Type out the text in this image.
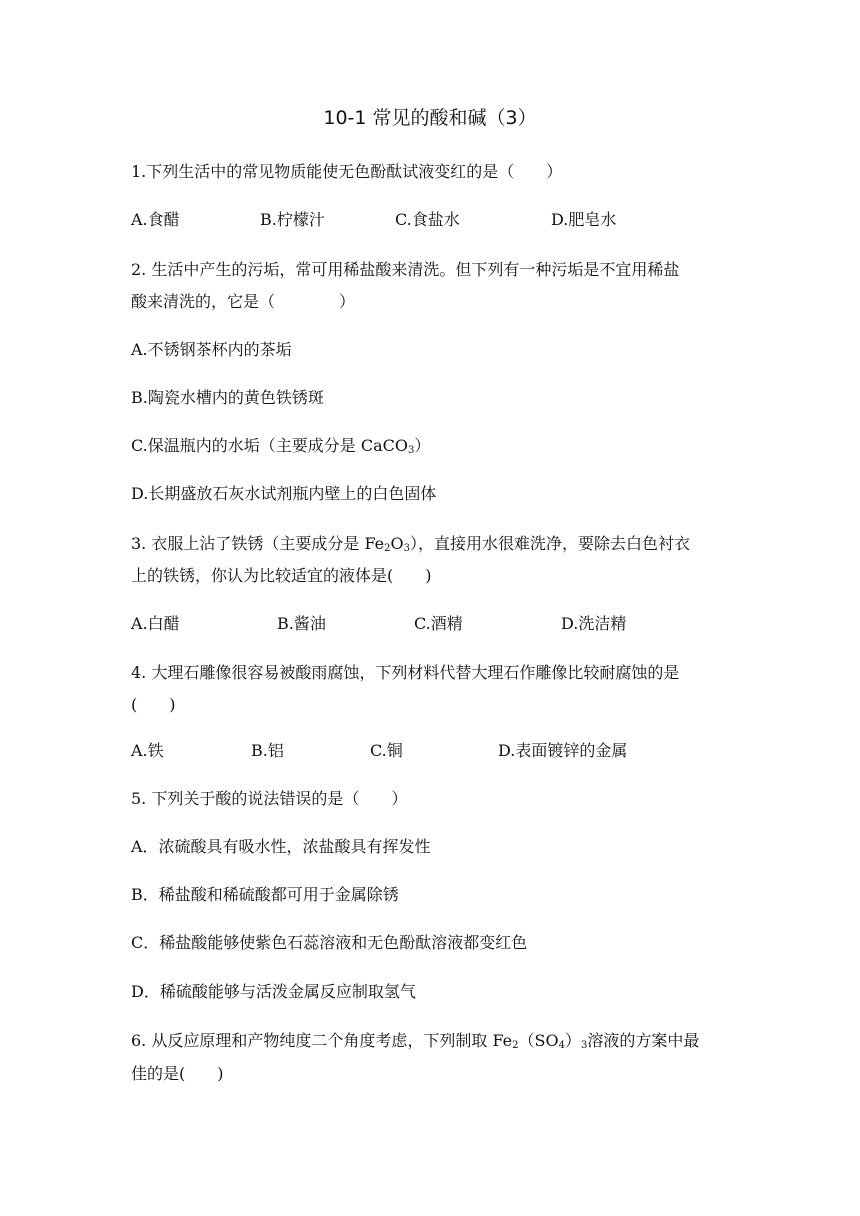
10-1 常见的酸和碱（3）
1.下列生活中的常见物质能使无色酚酞试液变红的是（　　）
A.食醋	B.柠檬汁	C.食盐水	D.肥皂水
2. 生活中产生的污垢，常可用稀盐酸来清洗。但下列有一种污垢是不宜用稀盐
酸来清洗的，它是（　　　　）
A.不锈钢茶杯内的茶垢
B.陶瓷水槽内的黄色铁锈斑
C.保温瓶内的水垢（主要成分是 CaCO$_3$）
D.长期盛放石灰水试剂瓶内壁上的白色固体
3. 衣服上沾了铁锈（主要成分是 $Fe_2O_3$），直接用水很难洗净，要除去白色衬衣
上的铁锈，你认为比较适宜的液体是(　　)
A.白醋	B.酱油	C.酒精	D.洗洁精
4. 大理石雕像很容易被酸雨腐蚀，下列材料代替大理石作雕像比较耐腐蚀的是
(　　)
A.铁	B.铝	C.铜	D.表面镀锌的金属
5. 下列关于酸的说法错误的是（　　）
A．浓硫酸具有吸水性，浓盐酸具有挥发性
B．稀盐酸和稀硫酸都可用于金属除锈
C．稀盐酸能够使紫色石蕊溶液和无色酚酞溶液都变红色
D．稀硫酸能够与活泼金属反应制取氢气
6. 从反应原理和产物纯度二个角度考虑，下列制取 $Fe_2(SO_4)_3$溶液的方案中最
佳的是(　　)
